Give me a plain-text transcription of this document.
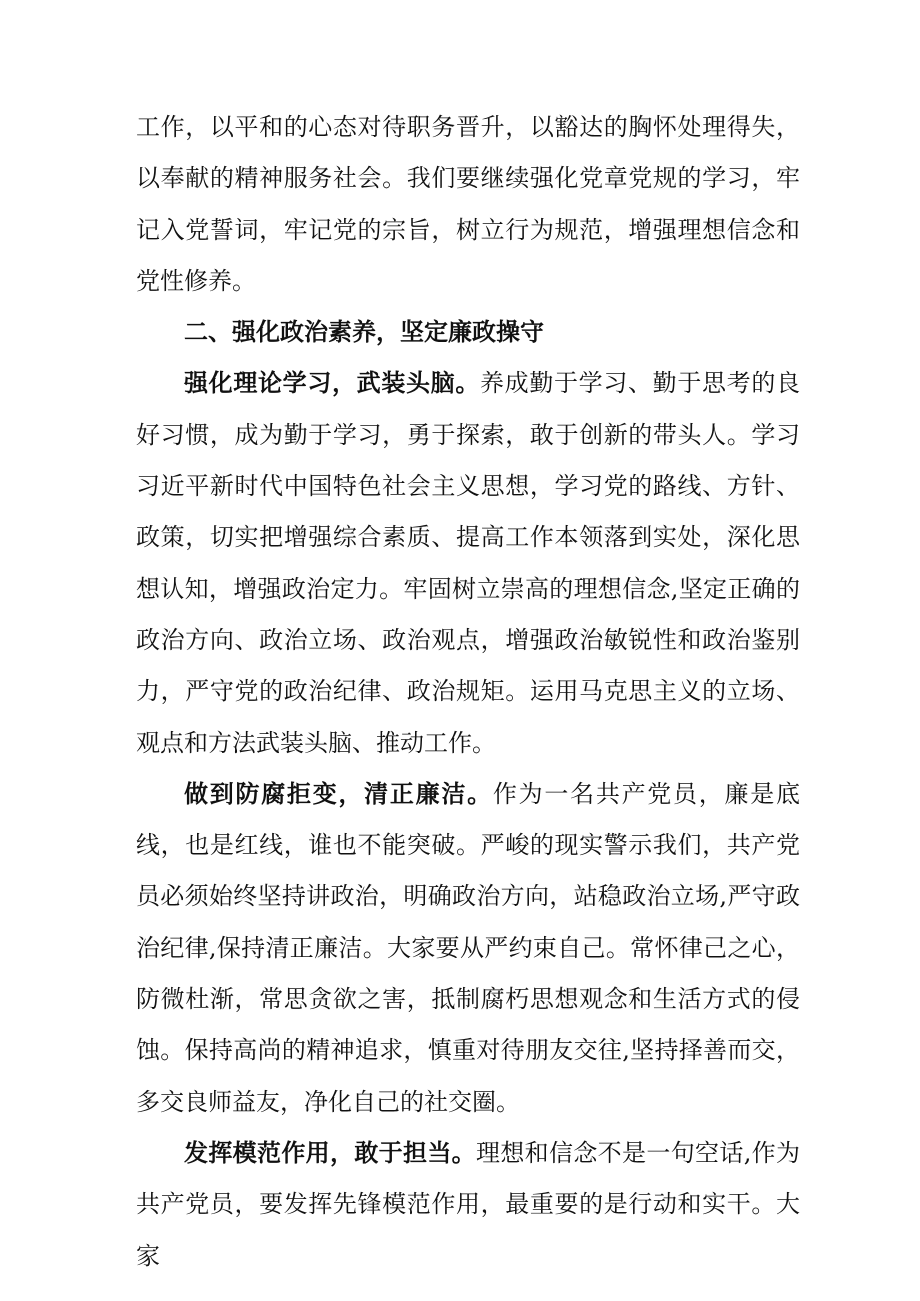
工作，以平和的心态对待职务晋升，以豁达的胸怀处理得失，以奉献的精神服务社会。我们要继续强化党章党规的学习，牢记入党誓词，牢记党的宗旨，树立行为规范，增强理想信念和党性修养。

二、强化政治素养，坚定廉政操守

强化理论学习，武装头脑。养成勤于学习、勤于思考的良好习惯，成为勤于学习，勇于探索，敢于创新的带头人。学习习近平新时代中国特色社会主义思想，学习党的路线、方针、政策，切实把增强综合素质、提高工作本领落到实处，深化思想认知，增强政治定力。牢固树立崇高的理想信念,坚定正确的政治方向、政治立场、政治观点，增强政治敏锐性和政治鉴别力，严守党的政治纪律、政治规矩。运用马克思主义的立场、观点和方法武装头脑、推动工作。

做到防腐拒变，清正廉洁。作为一名共产党员，廉是底线，也是红线，谁也不能突破。严峻的现实警示我们，共产党员必须始终坚持讲政治，明确政治方向，站稳政治立场,严守政治纪律,保持清正廉洁。大家要从严约束自己。常怀律己之心，防微杜渐，常思贪欲之害，抵制腐朽思想观念和生活方式的侵蚀。保持高尚的精神追求，慎重对待朋友交往,坚持择善而交，多交良师益友，净化自己的社交圈。

发挥模范作用，敢于担当。理想和信念不是一句空话,作为共产党员，要发挥先锋模范作用，最重要的是行动和实干。大家
